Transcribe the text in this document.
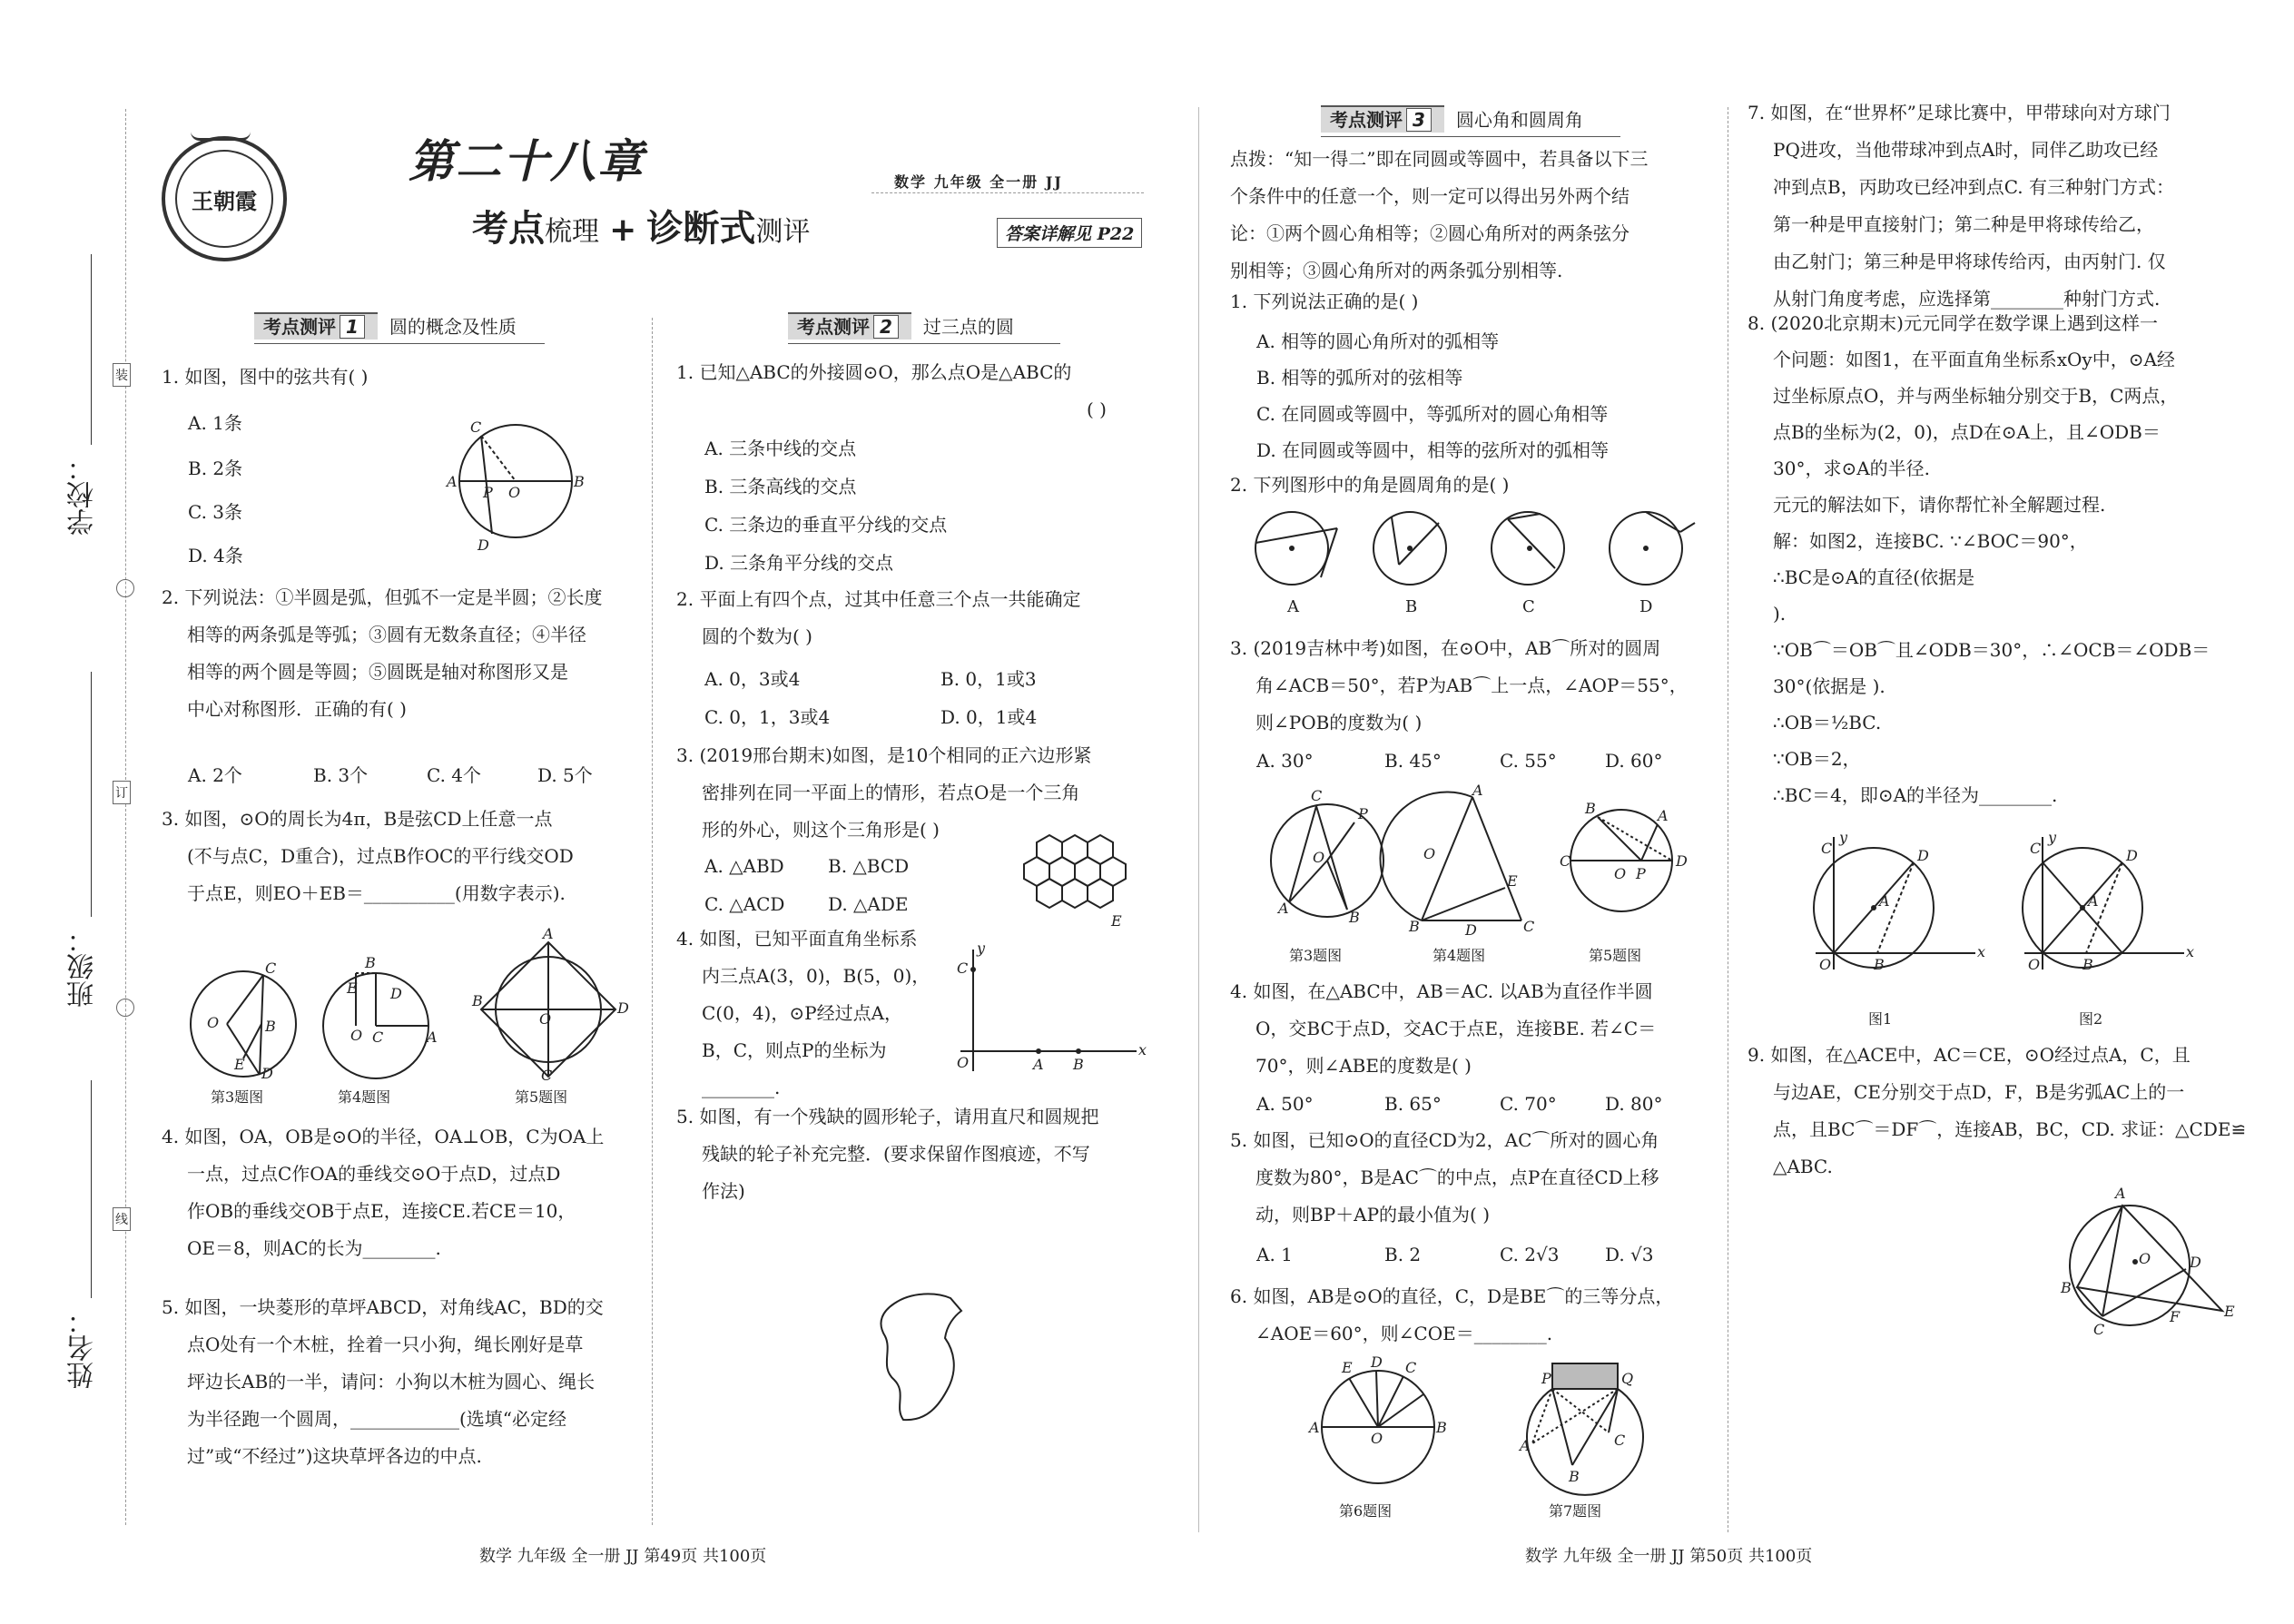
学校：
班级：
姓名：
装
订
线
王朝霞
第二十八章
考点梳理 + 诊断式测评
数学 九年级 全一册 JJ
答案详解见 P22
考点测评 1 圆的概念及性质
1. 如图，图中的弦共有( )
A. 1条
B. 2条
C. 3条
D. 4条
A	B
C
D
P O
2. 下列说法：①半圆是弧，但弧不一定是半圆；②长度
相等的两条弧是等弧；③圆有无数条直径；④半径
相等的两个圆是等圆；⑤圆既是轴对称图形又是
中心对称图形．正确的有( )
A. 2个	B. 3个	C. 4个	D. 5个
3. 如图，⊙O的周长为4π，B是弦CD上任意一点
(不与点C，D重合)，过点B作OC的平行线交OD
于点E，则EO＋EB＝__________(用数字表示).
C
O	B
E
D
B
E D
O C	A
A
B	D
O
C
第3题图	第4题图	第5题图
4. 如图，OA，OB是⊙O的半径，OA⊥OB，C为OA上
一点，过点C作OA的垂线交⊙O于点D，过点D
作OB的垂线交OB于点E，连接CE.若CE＝10，
OE＝8，则AC的长为________.
5. 如图，一块菱形的草坪ABCD，对角线AC，BD的交
点O处有一个木桩，拴着一只小狗，绳长刚好是草
坪边长AB的一半，请问：小狗以木桩为圆心、绳长
为半径跑一个圆周，____________(选填“必定经
过”或“不经过”)这块草坪各边的中点.
考点测评 2 过三点的圆
1. 已知△ABC的外接圆⊙O，那么点O是△ABC的
( )
A. 三条中线的交点
B. 三条高线的交点
C. 三条边的垂直平分线的交点
D. 三条角平分线的交点
2. 平面上有四个点，过其中任意三个点一共能确定
圆的个数为( )
A. 0，3或4	B. 0，1或3
C. 0，1，3或4	D. 0，1或4
3. (2019邢台期末)如图，是10个相同的正六边形紧
密排列在同一平面上的情形，若点O是一个三角
形的外心，则这个三角形是( )
A. △ABD B. △BCD
C. △ACD D. △ADE
E
4. 如图，已知平面直角坐标系
内三点A(3，0)，B(5，0)，
C(0，4)，⊙P经过点A，
B，C，则点P的坐标为
________.
C
y
x
O	A B
5. 如图，有一个残缺的圆形轮子，请用直尺和圆规把
残缺的轮子补充完整．(要求保留作图痕迹，不写
作法)
考点测评 3 圆心角和圆周角
点拨：“知一得二”即在同圆或等圆中，若具备以下三
个条件中的任意一个，则一定可以得出另外两个结
论：①两个圆心角相等；②圆心角所对的两条弦分
别相等；③圆心角所对的两条弧分别相等.
1. 下列说法正确的是( )
A. 相等的圆心角所对的弧相等
B. 相等的弧所对的弦相等
C. 在同圆或等圆中，等弧所对的圆心角相等
D. 在同圆或等圆中，相等的弦所对的弧相等
2. 下列图形中的角是圆周角的是( )
A	B	C	D
3. (2019吉林中考)如图，在⊙O中，AB⌒所对的圆周
角∠ACB＝50°，若P为AB⌒上一点，∠AOP＝55°，
则∠POB的度数为( )
A. 30°	B. 45°	C. 55°	D. 60°
C
P
O
A
B
A
O
E
B	D	C
B	A
C
O P
D
第3题图	第4题图	第5题图
4. 如图，在△ABC中，AB＝AC. 以AB为直径作半圆
O，交BC于点D，交AC于点E，连接BE. 若∠C＝
70°，则∠ABE的度数是( )
A. 50°	B. 65°	C. 70°	D. 80°
5. 如图，已知⊙O的直径CD为2，AC⌒所对的圆心角
度数为80°，B是AC⌒的中点，点P在直径CD上移
动，则BP＋AP的最小值为( )
A. 1	B. 2	C. 2√3	D. √3
6. 如图，AB是⊙O的直径，C，D是BE⌒的三等分点，
∠AOE＝60°，则∠COE＝________.
E D C
A	B
O
P	Q
A
B
C
第6题图	第7题图
7. 如图，在“世界杯”足球比赛中，甲带球向对方球门
PQ进攻，当他带球冲到点A时，同伴乙助攻已经
冲到点B，丙助攻已经冲到点C. 有三种射门方式：
第一种是甲直接射门；第二种是甲将球传给乙，
由乙射门；第三种是甲将球传给丙，由丙射门. 仅
从射门角度考虑，应选择第________种射门方式.
8. (2020北京期末)元元同学在数学课上遇到这样一
个问题：如图1，在平面直角坐标系xOy中，⊙A经
过坐标原点O，并与两坐标轴分别交于B，C两点，
点B的坐标为(2，0)，点D在⊙A上，且∠ODB＝
30°，求⊙A的半径.
元元的解法如下，请你帮忙补全解题过程.
解：如图2，连接BC. ∵∠BOC＝90°，
∴BC是⊙A的直径(依据是
).
∵OB⌒＝OB⌒且∠ODB＝30°，∴∠OCB＝∠ODB＝
30°(依据是 ).
∴OB＝½BC.
∵OB＝2，
∴BC＝4，即⊙A的半径为________.
C
y
x
A
D
O	B
C
y
x
A
D
O	B
图1	图2
9. 如图，在△ACE中，AC＝CE，⊙O经过点A，C，且
与边AE，CE分别交于点D，F，B是劣弧AC上的一
点，且BC⌒＝DF⌒，连接AB，BC，CD. 求证：△CDE≌
△ABC.
A
O	D
B
C
F	E
数学 九年级 全一册 JJ 第49页 共100页	数学 九年级 全一册 JJ 第50页 共100页
